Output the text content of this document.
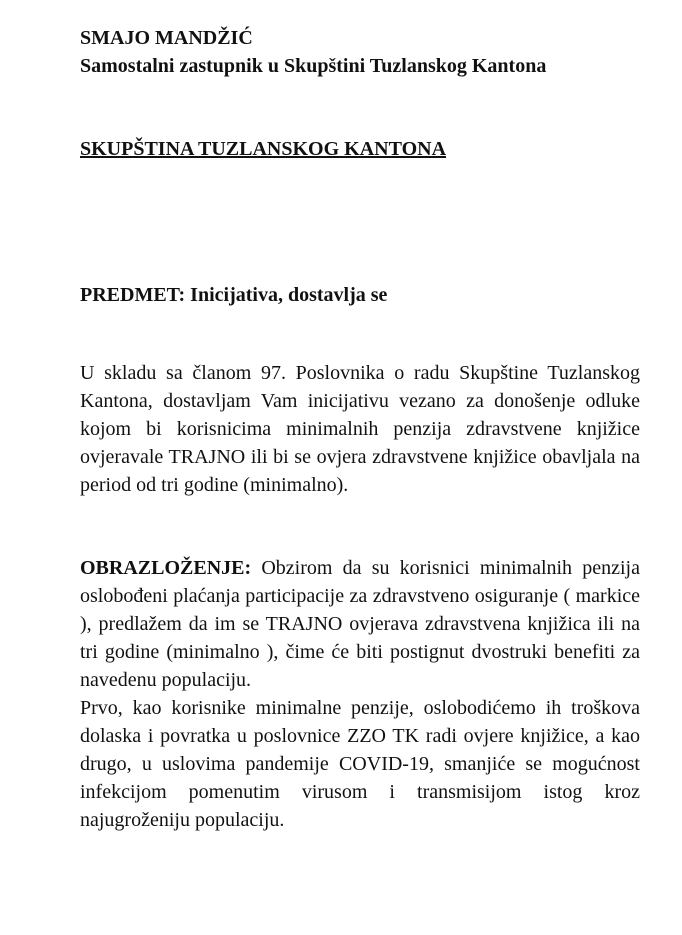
SMAJO MANDŽIĆ

Samostalni zastupnik u Skupštini Tuzlanskog Kantona

SKUPŠTINA TUZLANSKOG KANTONA

PREDMET: Inicijativa, dostavlja se

U skladu sa članom 97. Poslovnika o radu Skupštine Tuzlanskog Kantona, dostavljam Vam inicijativu vezano za donošenje odluke kojom bi korisnicima minimalnih penzija zdravstvene knjižice ovjeravale TRAJNO ili bi se ovjera zdravstvene knjižice obavljala na period od tri godine (minimalno).

OBRAZLOŽENJE: Obzirom da su korisnici minimalnih penzija oslobođeni plaćanja participacije za zdravstveno osiguranje ( markice ), predlažem da im se TRAJNO ovjerava zdravstvena knjižica ili na tri godine (minimalno ), čime će biti postignut dvostruki benefiti za navedenu populaciju.

Prvo, kao korisnike minimalne penzije, oslobodićemo ih troškova dolaska i povratka u poslovnice ZZO TK radi ovjere knjižice, a kao drugo, u uslovima pandemije COVID-19, smanjiće se mogućnost infekcijom pomenutim virusom i transmisijom istog kroz najugroženiju populaciju.
